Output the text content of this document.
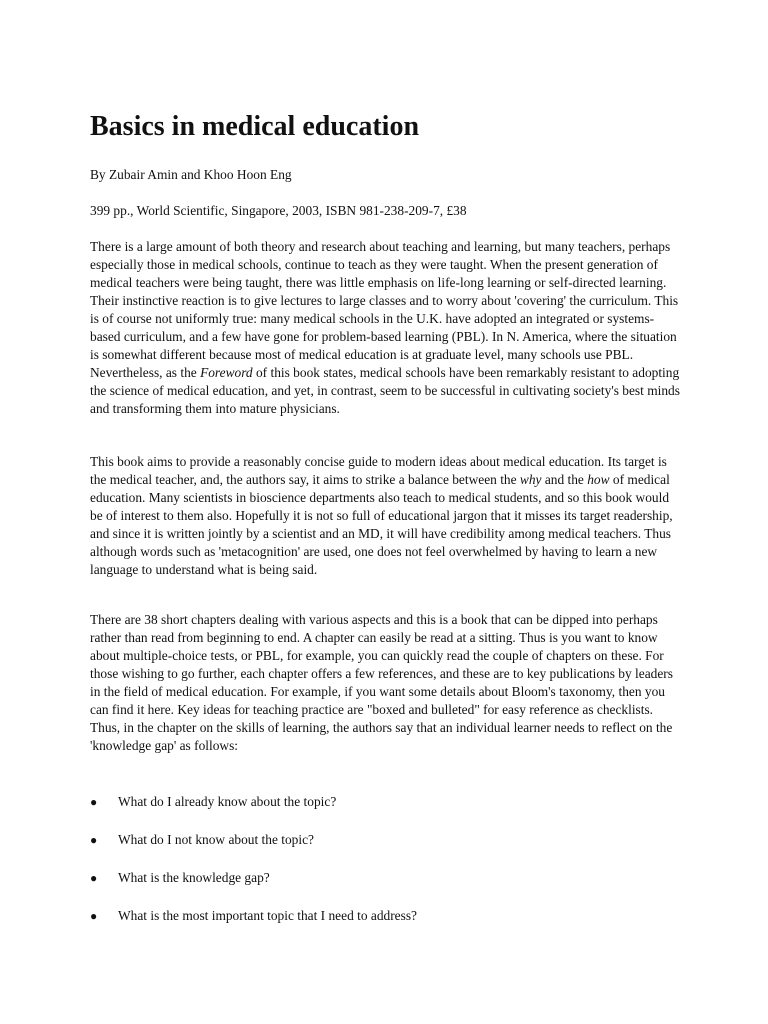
Basics in medical education

By Zubair Amin and Khoo Hoon Eng

399 pp., World Scientific, Singapore, 2003, ISBN 981-238-209-7, £38

There is a large amount of both theory and research about teaching and learning, but many teachers, perhaps especially those in medical schools, continue to teach as they were taught. When the present generation of medical teachers were being taught, there was little emphasis on life-long learning or self-directed learning. Their instinctive reaction is to give lectures to large classes and to worry about 'covering' the curriculum. This is of course not uniformly true: many medical schools in the U.K. have adopted an integrated or systems-based curriculum, and a few have gone for problem-based learning (PBL). In N. America, where the situation is somewhat different because most of medical education is at graduate level, many schools use PBL. Nevertheless, as the Foreword of this book states, medical schools have been remarkably resistant to adopting the science of medical education, and yet, in contrast, seem to be successful in cultivating society's best minds and transforming them into mature physicians.

This book aims to provide a reasonably concise guide to modern ideas about medical education. Its target is the medical teacher, and, the authors say, it aims to strike a balance between the why and the how of medical education. Many scientists in bioscience departments also teach to medical students, and so this book would be of interest to them also. Hopefully it is not so full of educational jargon that it misses its target readership, and since it is written jointly by a scientist and an MD, it will have credibility among medical teachers. Thus although words such as 'metacognition' are used, one does not feel overwhelmed by having to learn a new language to understand what is being said.

There are 38 short chapters dealing with various aspects and this is a book that can be dipped into perhaps rather than read from beginning to end. A chapter can easily be read at a sitting. Thus is you want to know about multiple-choice tests, or PBL, for example, you can quickly read the couple of chapters on these. For those wishing to go further, each chapter offers a few references, and these are to key publications by leaders in the field of medical education. For example, if you want some details about Bloom's taxonomy, then you can find it here. Key ideas for teaching practice are "boxed and bulleted" for easy reference as checklists. Thus, in the chapter on the skills of learning, the authors say that an individual learner needs to reflect on the 'knowledge gap' as follows:

● What do I already know about the topic?
● What do I not know about the topic?
● What is the knowledge gap?
● What is the most important topic that I need to address?
